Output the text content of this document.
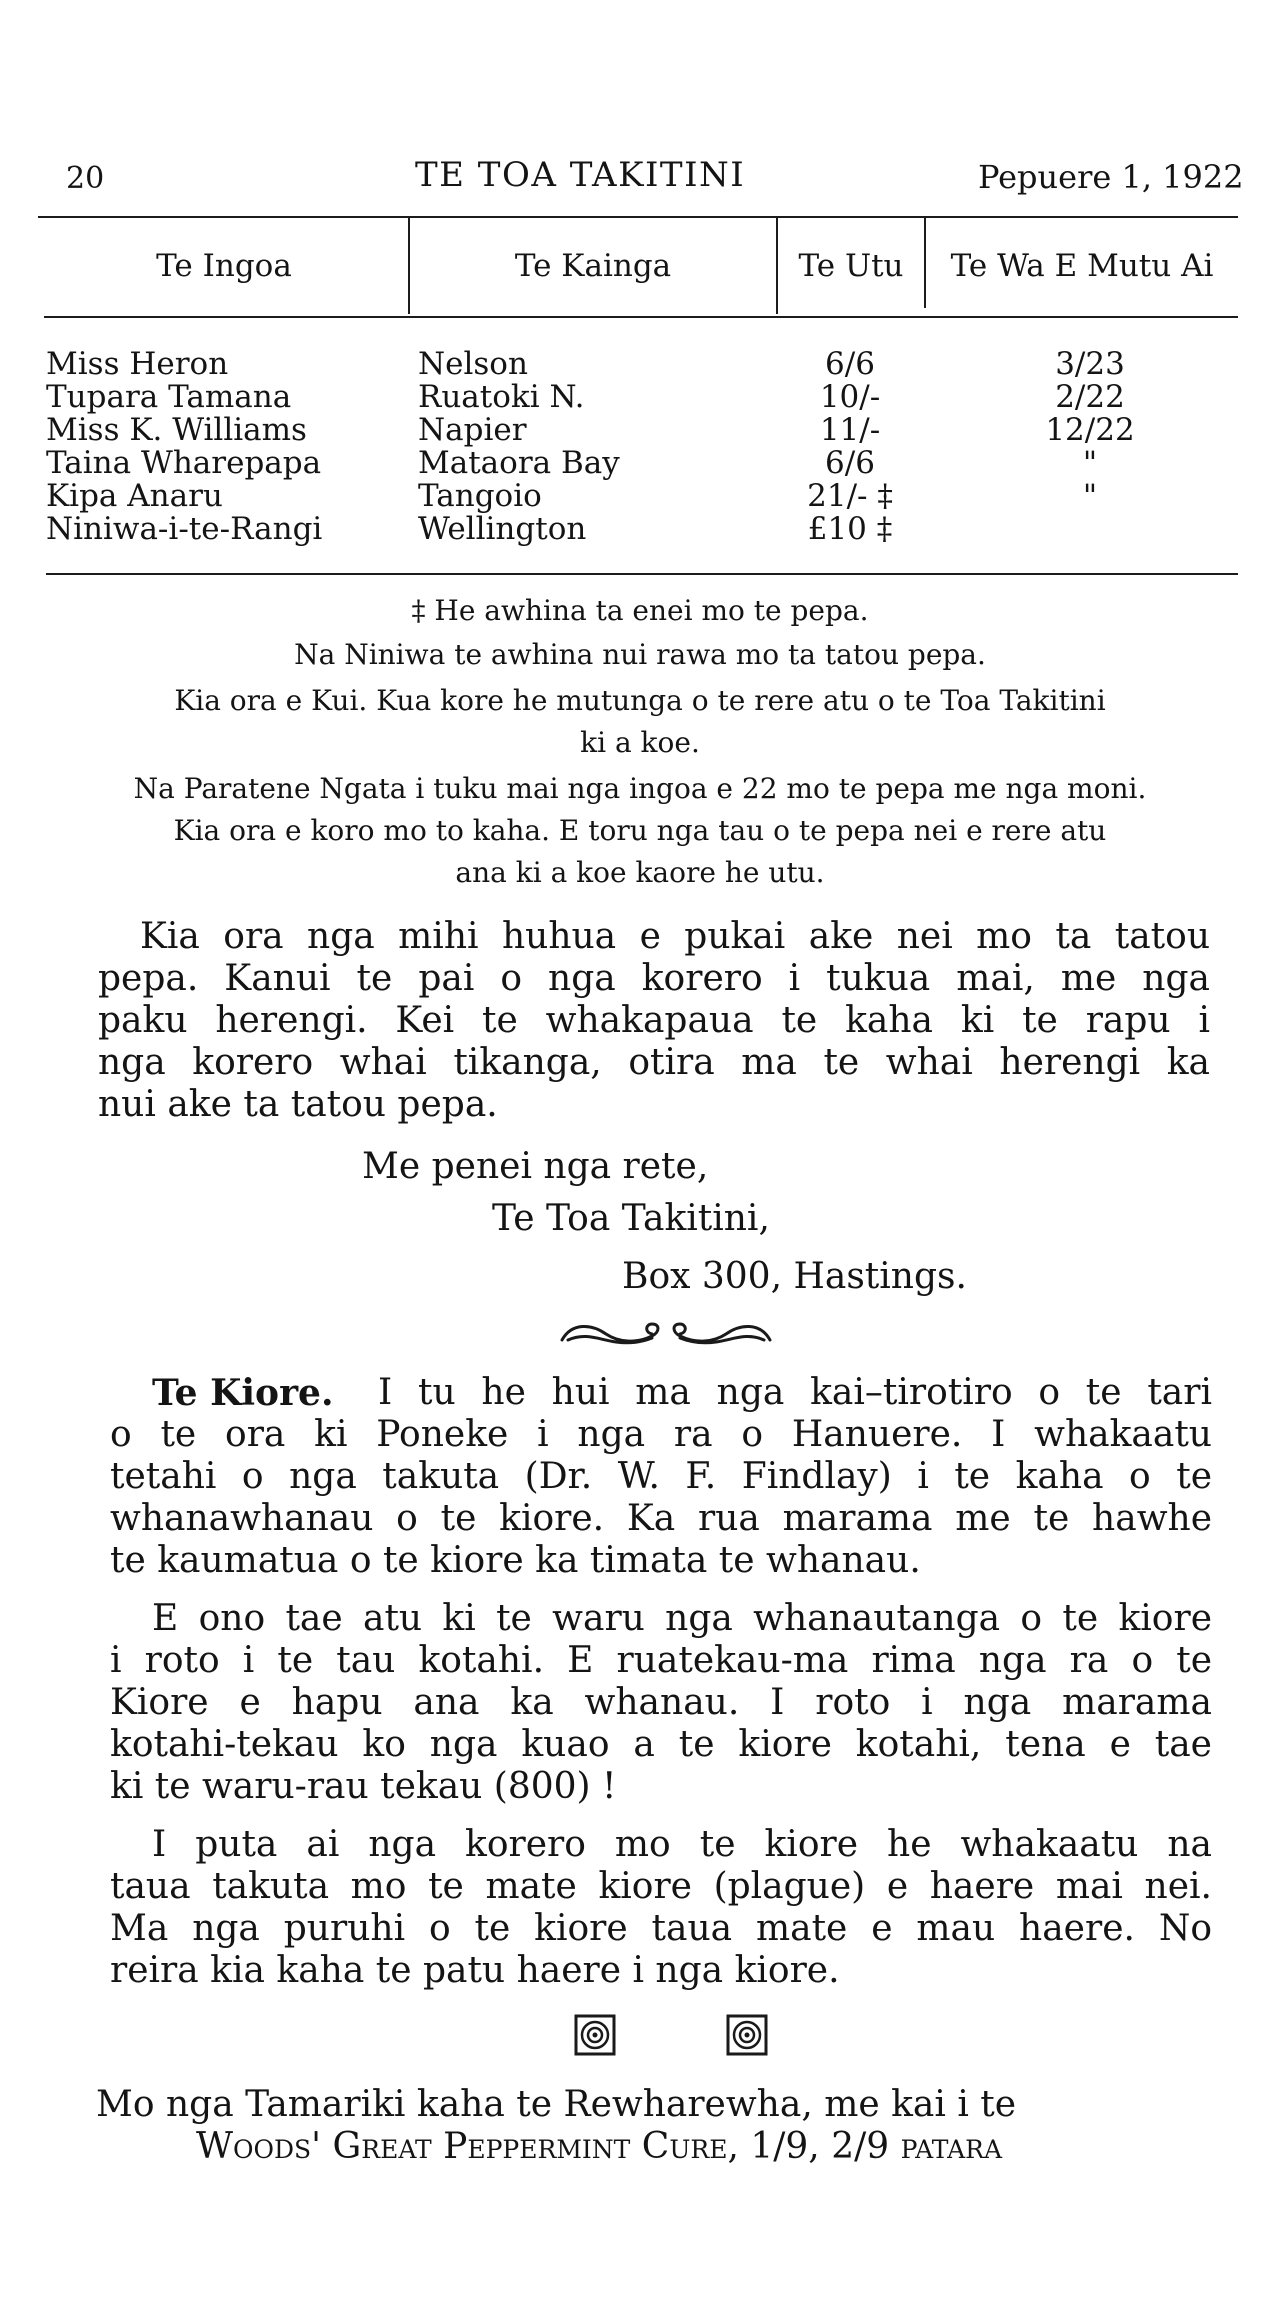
20	TE TOA TAKITINI	Pepuere 1, 1922
Te Ingoa	Te Kainga	Te Utu	Te Wa E Mutu Ai
Miss Heron	Nelson	6/6	3/23
Tupara Tamana	Ruatoki N.	10/-	2/22
Miss K. Williams	Napier	11/-	12/22
Taina Wharepapa	Mataora Bay	6/6	"
Kipa Anaru	Tangoio	21/- ‡	"
Niniwa-i-te-Rangi	Wellington	£10 ‡
‡ He awhina ta enei mo te pepa.
Na Niniwa te awhina nui rawa mo ta tatou pepa.
Kia ora e Kui. Kua kore he mutunga o te rere atu o te Toa Takitini
ki a koe.
Na Paratene Ngata i tuku mai nga ingoa e 22 mo te pepa me nga moni.
Kia ora e koro mo to kaha. E toru nga tau o te pepa nei e rere atu
ana ki a koe kaore he utu.
Kia ora nga mihi huhua e pukai ake nei mo ta tatou
pepa. Kanui te pai o nga korero i tukua mai, me nga
paku herengi. Kei te whakapaua te kaha ki te rapu i
nga korero whai tikanga, otira ma te whai herengi ka
nui ake ta tatou pepa.
Me penei nga rete,
Te Toa Takitini,
Box 300, Hastings.
Te Kiore. I tu he hui ma nga kai–tirotiro o te tari
o te ora ki Poneke i nga ra o Hanuere. I whakaatu
tetahi o nga takuta (Dr. W. F. Findlay) i te kaha o te
whanawhanau o te kiore. Ka rua marama me te hawhe
te kaumatua o te kiore ka timata te whanau.
E ono tae atu ki te waru nga whanautanga o te kiore
i roto i te tau kotahi. E ruatekau-ma rima nga ra o te
Kiore e hapu ana ka whanau. I roto i nga marama
kotahi-tekau ko nga kuao a te kiore kotahi, tena e tae
ki te waru-rau tekau (800) !
I puta ai nga korero mo te kiore he whakaatu na
taua takuta mo te mate kiore (plague) e haere mai nei.
Ma nga puruhi o te kiore taua mate e mau haere. No
reira kia kaha te patu haere i nga kiore.
Mo nga Tamariki kaha te Rewharewha, me kai i te
Woods' Great Peppermint Cure, 1/9, 2/9 patara
